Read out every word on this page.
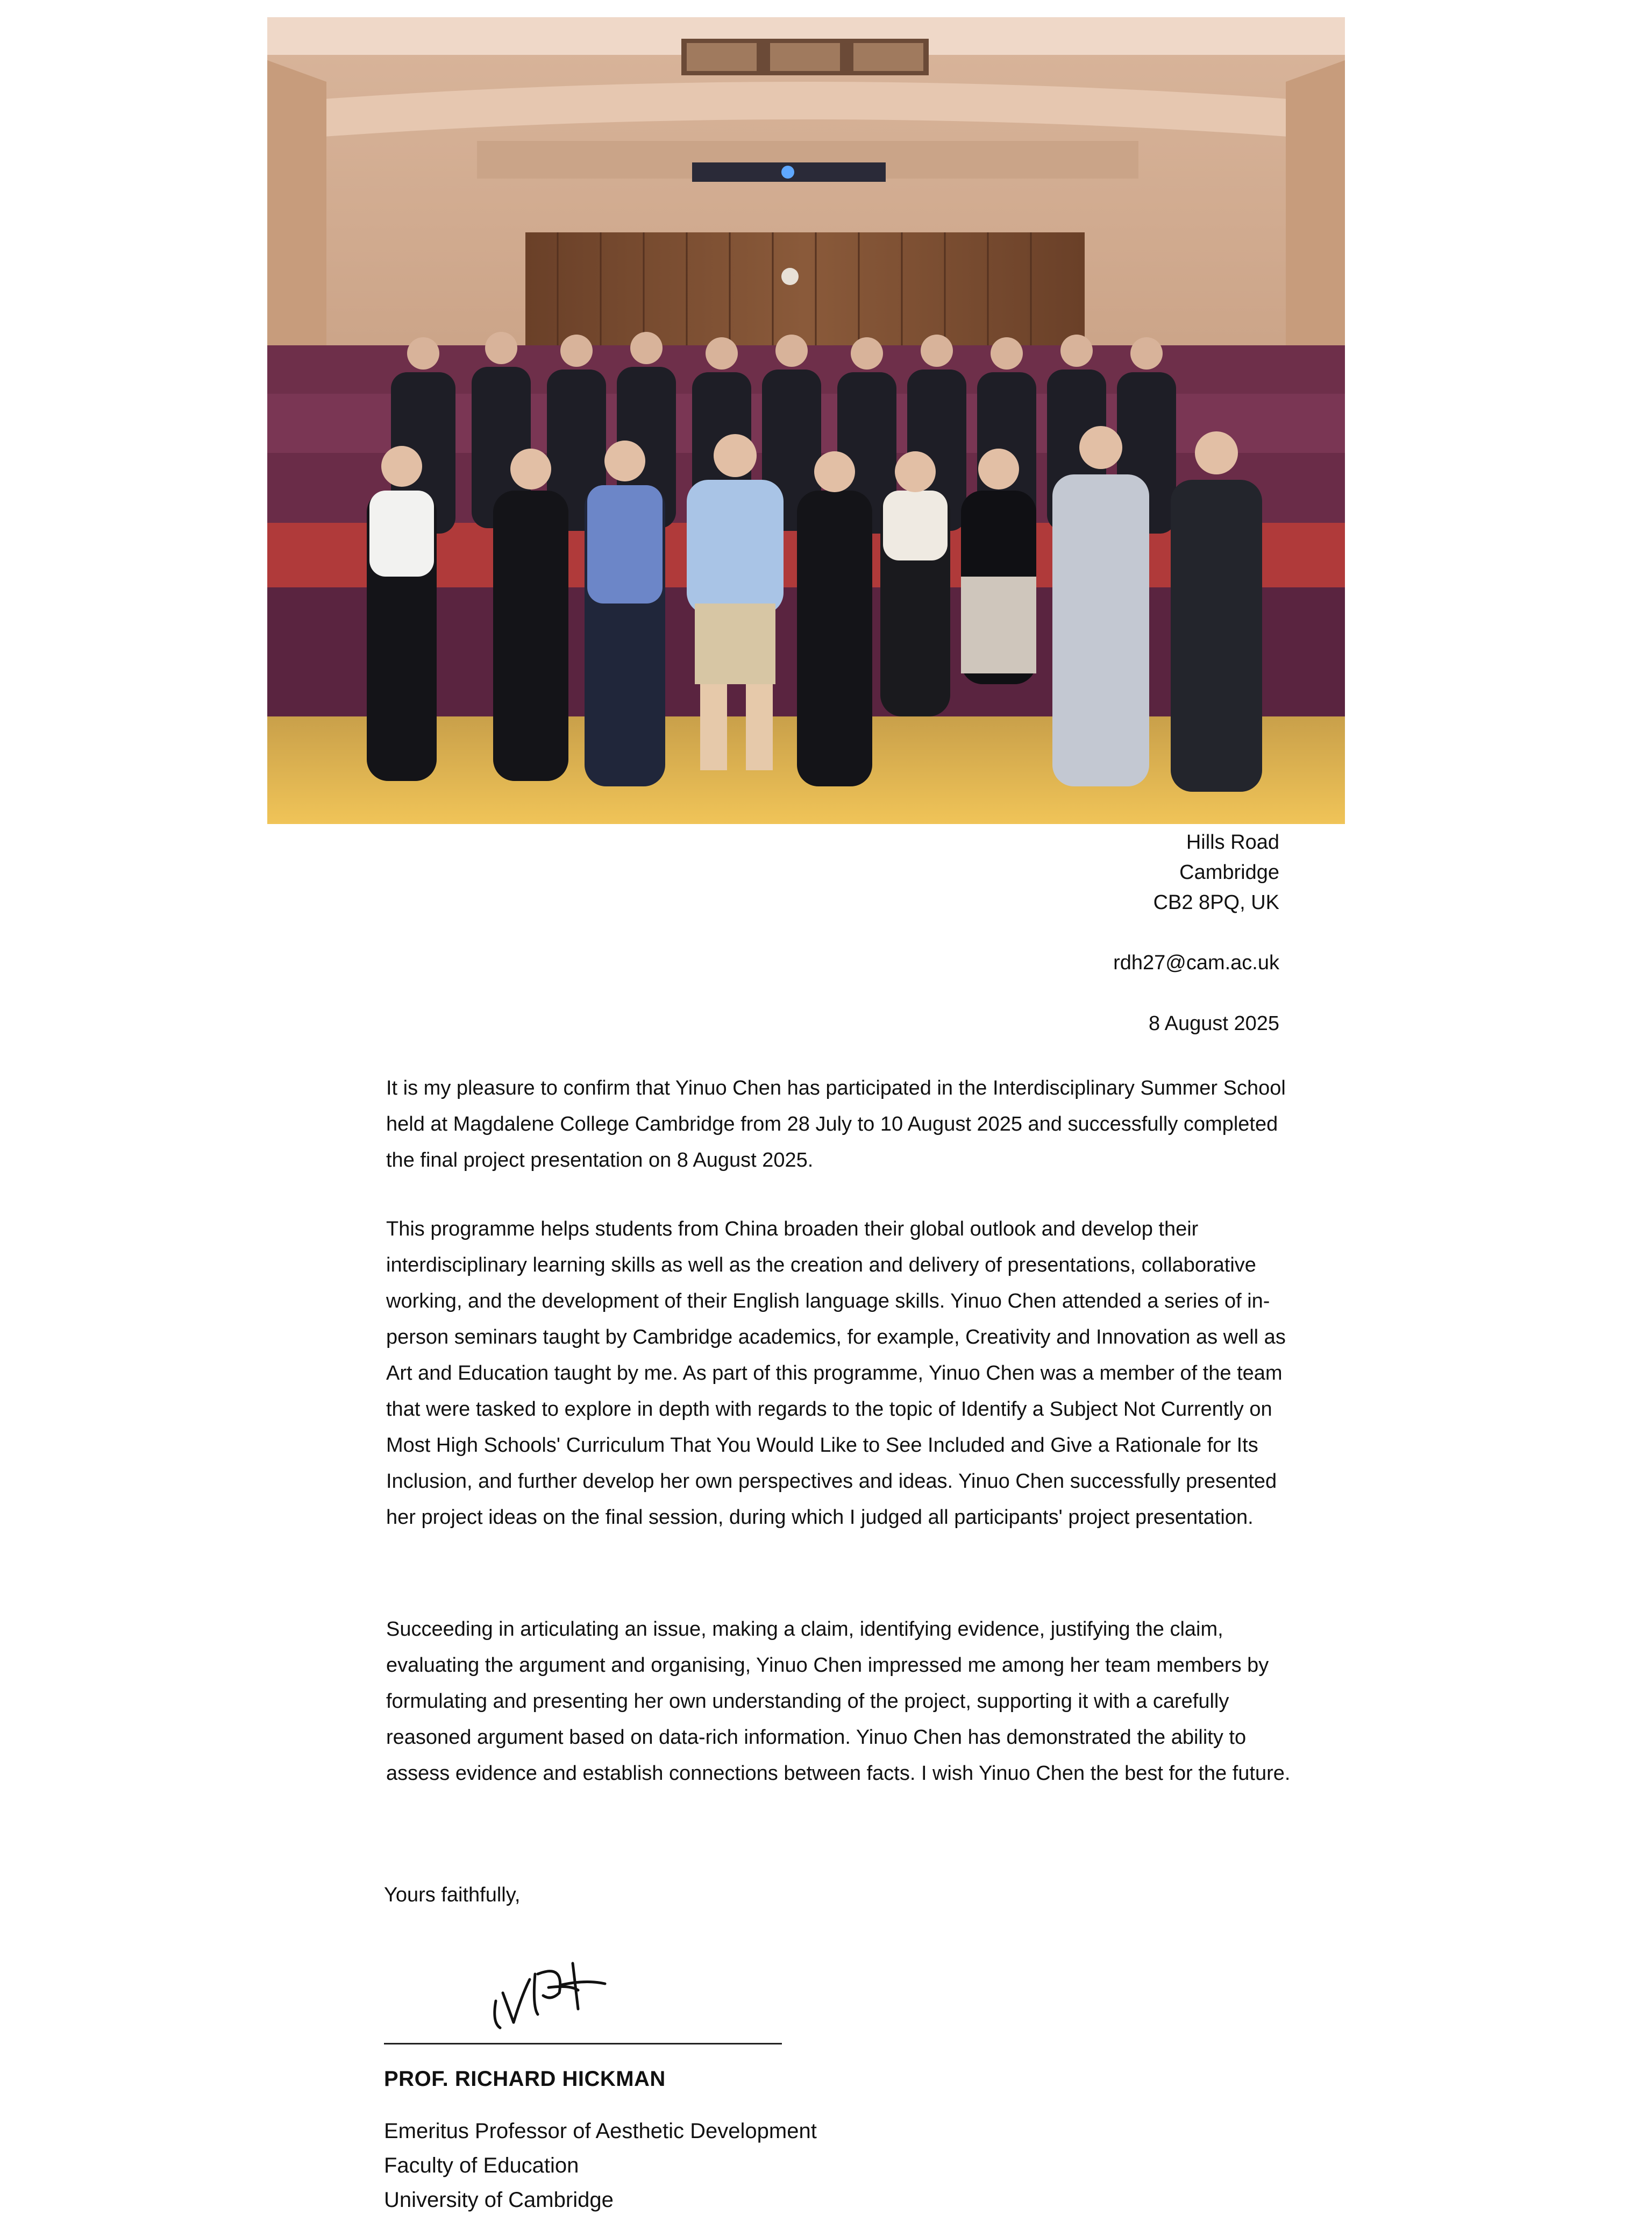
Hills Road
Cambridge
CB2 8PQ, UK
rdh27@cam.ac.uk
8 August 2025

It is my pleasure to confirm that Yinuo Chen has participated in the Interdisciplinary Summer School held at Magdalene College Cambridge from 28 July to 10 August 2025 and successfully completed the final project presentation on 8 August 2025.

This programme helps students from China broaden their global outlook and develop their interdisciplinary learning skills as well as the creation and delivery of presentations, collaborative working, and the development of their English language skills. Yinuo Chen attended a series of in-person seminars taught by Cambridge academics, for example, Creativity and Innovation as well as Art and Education taught by me. As part of this programme, Yinuo Chen was a member of the team that were tasked to explore in depth with regards to the topic of Identify a Subject Not Currently on Most High Schools' Curriculum That You Would Like to See Included and Give a Rationale for Its Inclusion, and further develop her own perspectives and ideas. Yinuo Chen successfully presented her project ideas on the final session, during which I judged all participants' project presentation.

Succeeding in articulating an issue, making a claim, identifying evidence, justifying the claim, evaluating the argument and organising, Yinuo Chen impressed me among her team members by formulating and presenting her own understanding of the project, supporting it with a carefully reasoned argument based on data-rich information. Yinuo Chen has demonstrated the ability to assess evidence and establish connections between facts. I wish Yinuo Chen the best for the future.

Yours faithfully,
PROF. RICHARD HICKMAN
Emeritus Professor of Aesthetic Development
Faculty of Education
University of Cambridge
